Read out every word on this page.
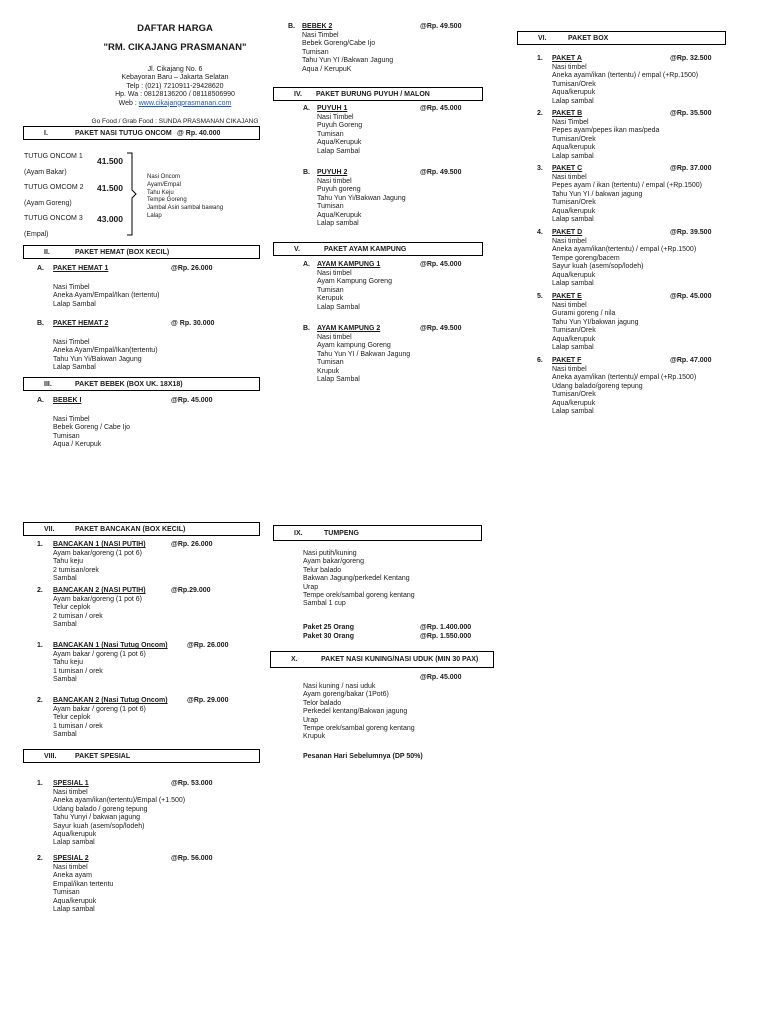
DAFTAR HARGA
"RM. CIKAJANG PRASMANAN"
Jl. Cikajang No. 6
Kebayoran Baru – Jakarta Selatan
Telp : (021) 7210911-29428620
Hp. Wa : 08128136200 / 08118506990
Web : www.cikajangprasmanan.com
Go Food / Grab Food : SUNDA PRASMANAN CIKAJANG
I.	PAKET NASI TUTUG ONCOM @ Rp. 40.000
TUTUG ONCOM 1
(Ayam Bakar)
41.500
TUTUG OMCOM 2
(Ayam Goreng)
41.500
TUTUG ONCOM 3
(Empal)
43.000
Nasi Oncom
Ayam/Empal
Tahu Keju
Tempe Goreng
Jambal Asin sambal bawang
Lalap
II.	PAKET HEMAT (BOX KECIL)
A. PAKET HEMAT 1	@Rp. 26.000
Nasi Timbel
Aneka Ayam/Empal/Ikan (tertentu)
Lalap Sambal
B. PAKET HEMAT 2	@ Rp. 30.000
Nasi Timbel
Aneka Ayam/Empal/Ikan(tertentu)
Tahu Yun Yi/Bakwan Jagung
Lalap Sambal
III.	PAKET BEBEK (BOX UK. 18X18)
A. BEBEK I	@Rp. 45.000
Nasi Timbel
Bebek Goreng / Cabe Ijo
Tumisan
Aqua / Kerupuk
B. BEBEK 2	@Rp. 49.500
Nasi Timbel
Bebek Goreng/Cabe Ijo
Tumisan
Tahu Yun YI /Bakwan Jagung
Aqua / KerupuK
IV. PAKET BURUNG PUYUH / MALON
A. PUYUH 1	@Rp. 45.000
Nasi Timbel
Puyuh Goreng
Tumisan
Aqua/Kerupuk
Lalap Sambal
B. PUYUH 2	@Rp. 49.500
Nasi timbel
Puyuh goreng
Tahu Yun Yi/Bakwan Jagung
Tumisan
Aqua/Kerupuk
Lalap sambal
V.	PAKET AYAM KAMPUNG
A. AYAM KAMPUNG 1	@Rp. 45.000
Nasi timbel
Ayam Kampung Goreng
Tumisan
Kerupuk
Lalap Sambal
B. AYAM KAMPUNG 2	@Rp. 49.500
Nasi timbel
Ayam kampung Goreng
Tahu Yun YI / Bakwan Jagung
Tumisan
Krupuk
Lalap Sambal
VI.	PAKET BOX
1. PAKET A	@Rp. 32.500
Nasi timbel
Aneka ayam/ikan (tertentu) / empal (+Rp.1500)
Tumisan/Orek
Aqua/kerupuk
Lalap sambal
2. PAKET B	@Rp. 35.500
Nasi Timbel
Pepes ayam/pepes ikan mas/peda
Tumisan/Orek
Aqua/kerupuk
Lalap sambal
3. PAKET C	@Rp. 37.000
Nasi timbel
Pepes ayam / ikan (tertentu) / empal (+Rp.1500)
Tahu Yun YI / bakwan jagung
Tumisan/Orek
Aqua/kerupuk
Lalap sambal
4. PAKET D	@Rp. 39.500
Nasi timbel
Aneka ayam/ikan(tertentu) / empal (+Rp.1500)
Tempe goreng/bacem
Sayur kuah (asem/sop/lodeh)
Aqua/kerupuk
Lalap sambal
5. PAKET E	@Rp. 45.000
Nasi timbel
Gurami goreng / nila
Tahu Yun YI/bakwan jagung
Tumisan/Orek
Aqua/kerupuk
Lalap sambal
6. PAKET F	@Rp. 47.000
Nasi timbel
Aneka ayam/ikan (tertentu)/ empal (+Rp.1500)
Udang balado/goreng tepung
Tumisan/Orek
Aqua/kerupuk
Lalap sambal
VII.	PAKET BANCAKAN (BOX KECIL)
1. BANCAKAN 1 (NASI PUTIH)	@Rp. 26.000
Ayam bakar/goreng (1 pot 6)
Tahu keju
2 tumisan/orek
Sambal
2. BANCAKAN 2 (NASI PUTIH)	@Rp.29.000
Ayam bakar/goreng (1 pot 6)
Telur ceplok
2 tumisan / orek
Sambal
1. BANCAKAN 1 (Nasi Tutug Oncom)	@Rp. 26.000
Ayam bakar / goreng (1 pot 6)
Tahu keju
1 tumisan / orek
Sambal
2. BANCAKAN 2 (Nasi Tutug Oncom)	@Rp. 29.000
Ayam bakar / goreng (1 pot 6)
Telur ceplok
1 tumisan / orek
Sambal
VIII.	PAKET SPESIAL
1. SPESIAL 1	@Rp. 53.000
Nasi timbel
Aneka ayam/ikan(tertentu)/Empal (+1.500)
Udang balado / goreng tepung
Tahu Yunyi / bakwan jagung
Sayur kuah (asem/sop/lodeh)
Aqua/kerupuk
Lalap sambal
2. SPESIAL 2	@Rp. 56.000
Nasi timbel
Aneka ayam
Empal/ikan tertentu
Tumisan
Aqua/kerupuk
Lalap sambal
IX.	TUMPENG
Nasi putih/kuning
Ayam bakar/goreng
Telur balado
Bakwan Jagung/perkedel Kentang
Urap
Tempe orek/sambal goreng kentang
Sambal 1 cup
Paket 25 Orang	@Rp. 1.400.000
Paket 30 Orang	@Rp. 1.550.000
X.	PAKET NASI KUNING/NASI UDUK (MIN 30 PAX)
@Rp. 45.000
Nasi kuning / nasi uduk
Ayam goreng/bakar (1Pot6)
Telor balado
Perkedel kentang/Bakwan jagung
Urap
Tempe orek/sambal goreng kentang
Krupuk
Pesanan Hari Sebelumnya (DP 50%)
